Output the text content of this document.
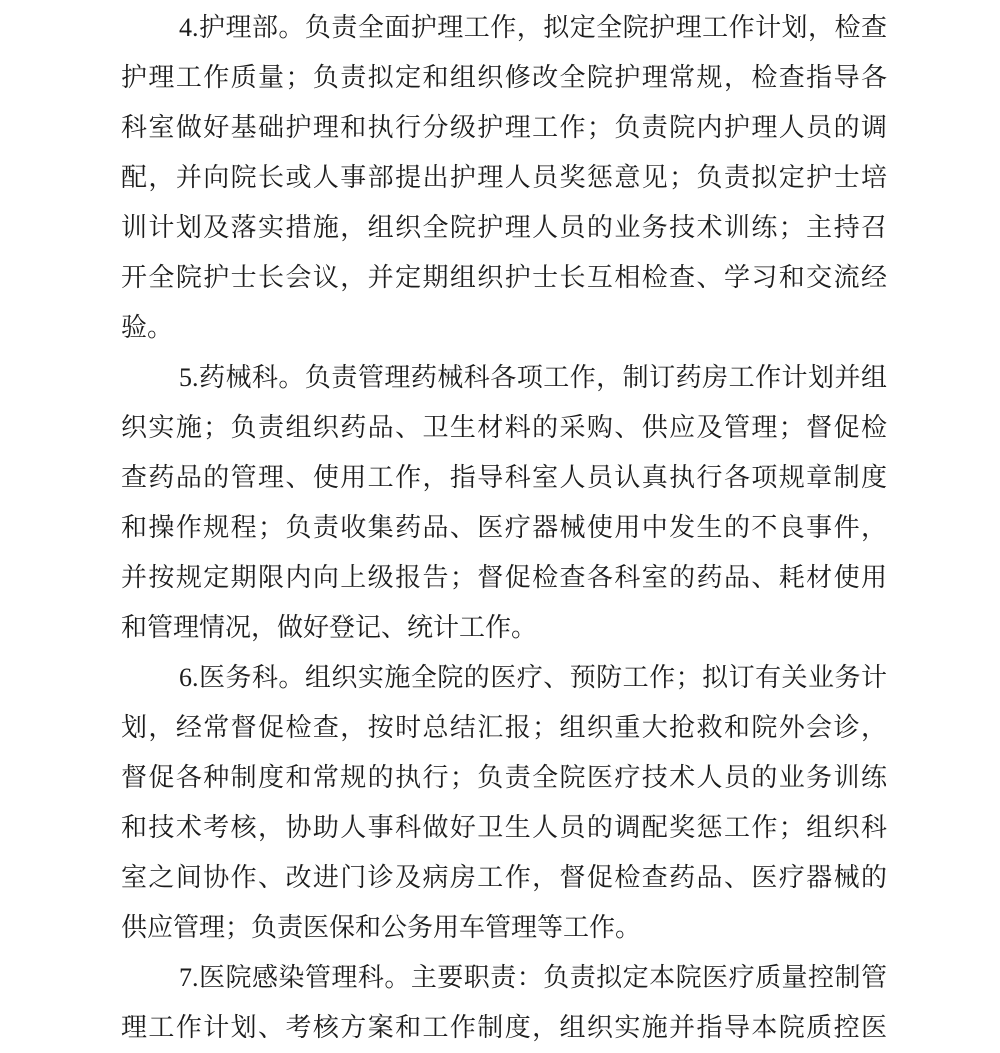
4.护理部。负责全面护理工作，拟定全院护理工作计划，检查
护理工作质量；负责拟定和组织修改全院护理常规，检查指导各
科室做好基础护理和执行分级护理工作；负责院内护理人员的调
配，并向院长或人事部提出护理人员奖惩意见；负责拟定护士培
训计划及落实措施，组织全院护理人员的业务技术训练；主持召
开全院护士长会议，并定期组织护士长互相检查、学习和交流经
验。
5.药械科。负责管理药械科各项工作，制订药房工作计划并组
织实施；负责组织药品、卫生材料的采购、供应及管理；督促检
查药品的管理、使用工作，指导科室人员认真执行各项规章制度
和操作规程；负责收集药品、医疗器械使用中发生的不良事件，
并按规定期限内向上级报告；督促检查各科室的药品、耗材使用
和管理情况，做好登记、统计工作。
6.医务科。组织实施全院的医疗、预防工作；拟订有关业务计
划，经常督促检查，按时总结汇报；组织重大抢救和院外会诊，
督促各种制度和常规的执行；负责全院医疗技术人员的业务训练
和技术考核，协助人事科做好卫生人员的调配奖惩工作；组织科
室之间协作、改进门诊及病房工作，督促检查药品、医疗器械的
供应管理；负责医保和公务用车管理等工作。
7.医院感染管理科。主要职责：负责拟定本院医疗质量控制管
理工作计划、考核方案和工作制度，组织实施并指导本院质控医
